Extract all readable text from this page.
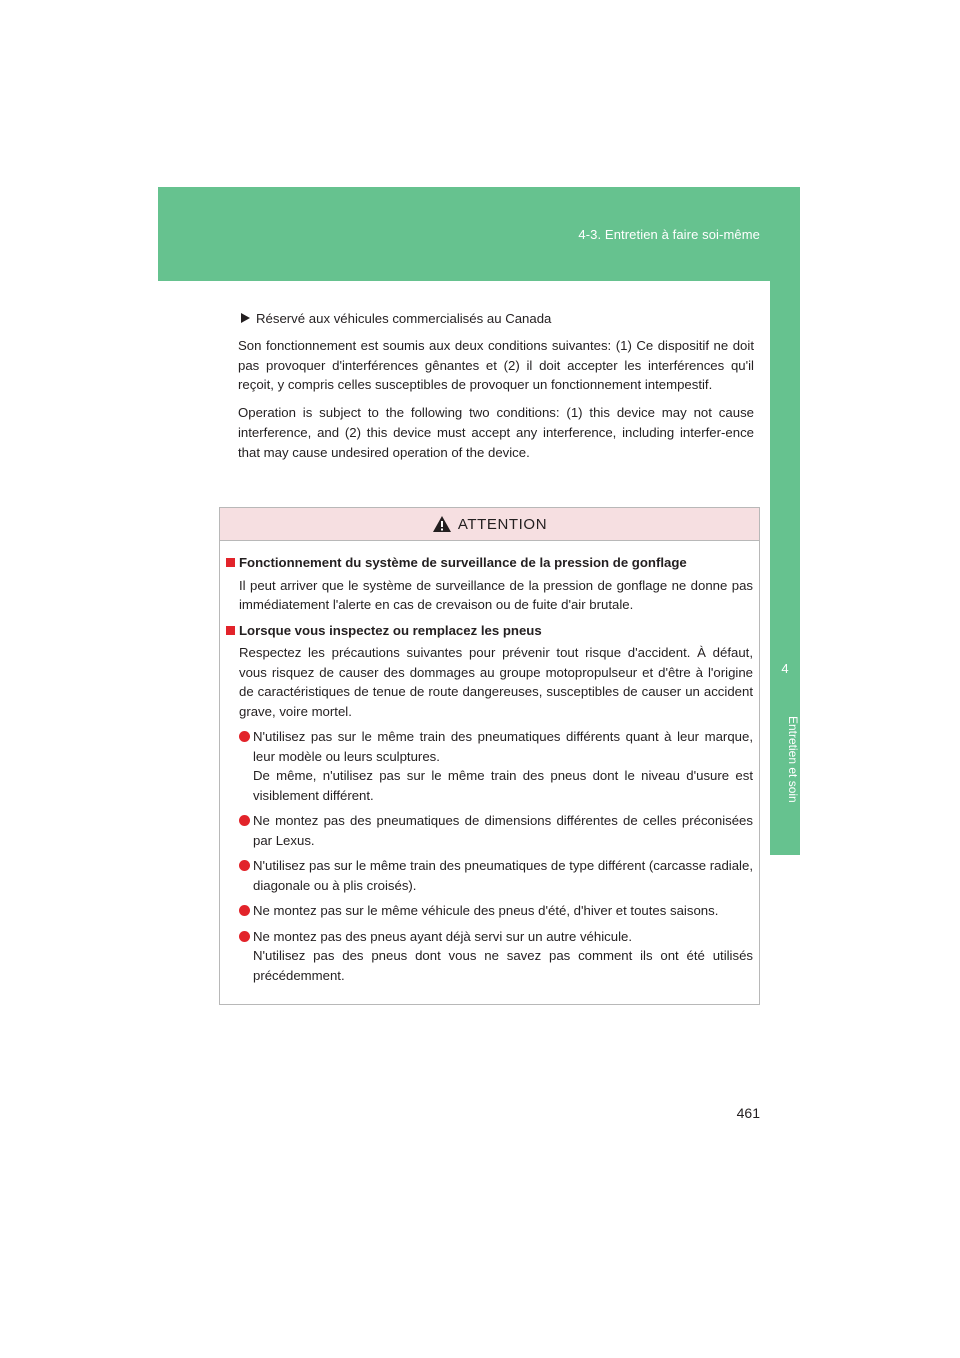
4-3. Entretien à faire soi-même
4
Entretien et soin

Réservé aux véhicules commercialisés au Canada

Son fonctionnement est soumis aux deux conditions suivantes: (1) Ce dispositif ne doit pas provoquer d'interférences gênantes et (2) il doit accepter les interférences qu'il reçoit, y compris celles susceptibles de provoquer un fonctionnement intempestif.

Operation is subject to the following two conditions: (1) this device may not cause interference, and (2) this device must accept any interference, including interfer-ence that may cause undesired operation of the device.

ATTENTION
Fonctionnement du système de surveillance de la pression de gonflage
Il peut arriver que le système de surveillance de la pression de gonflage ne donne pas immédiatement l'alerte en cas de crevaison ou de fuite d'air brutale.
Lorsque vous inspectez ou remplacez les pneus
Respectez les précautions suivantes pour prévenir tout risque d'accident. À défaut, vous risquez de causer des dommages au groupe motopropulseur et d'être à l'origine de caractéristiques de tenue de route dangereuses, susceptibles de causer un accident grave, voire mortel.
N'utilisez pas sur le même train des pneumatiques différents quant à leur marque, leur modèle ou leurs sculptures.
De même, n'utilisez pas sur le même train des pneus dont le niveau d'usure est visiblement différent.
Ne montez pas des pneumatiques de dimensions différentes de celles préconisées par Lexus.
N'utilisez pas sur le même train des pneumatiques de type différent (carcasse radiale, diagonale ou à plis croisés).
Ne montez pas sur le même véhicule des pneus d'été, d'hiver et toutes saisons.
Ne montez pas des pneus ayant déjà servi sur un autre véhicule.
N'utilisez pas des pneus dont vous ne savez pas comment ils ont été utilisés précédemment.
461
